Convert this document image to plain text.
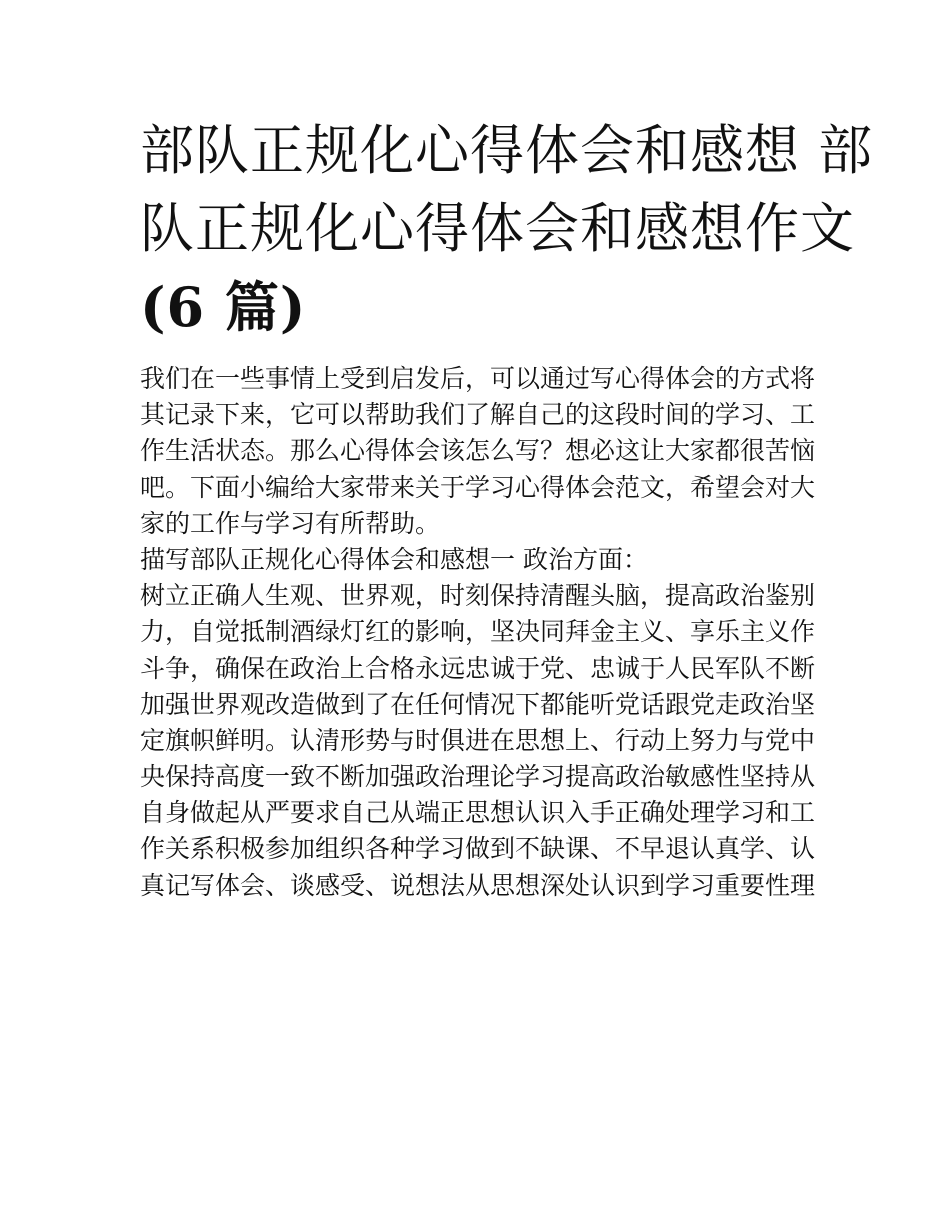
部队正规化心得体会和感想 部
队正规化心得体会和感想作文
(6 篇)
我们在一些事情上受到启发后，可以通过写心得体会的方式将
其记录下来，它可以帮助我们了解自己的这段时间的学习、工
作生活状态。那么心得体会该怎么写？想必这让大家都很苦恼
吧。下面小编给大家带来关于学习心得体会范文，希望会对大
家的工作与学习有所帮助。
描写部队正规化心得体会和感想一 政治方面：
树立正确人生观、世界观，时刻保持清醒头脑，提高政治鉴别
力，自觉抵制酒绿灯红的影响，坚决同拜金主义、享乐主义作
斗争，确保在政治上合格永远忠诚于党、忠诚于人民军队不断
加强世界观改造做到了在任何情况下都能听党话跟党走政治坚
定旗帜鲜明。认清形势与时俱进在思想上、行动上努力与党中
央保持高度一致不断加强政治理论学习提高政治敏感性坚持从
自身做起从严要求自己从端正思想认识入手正确处理学习和工
作关系积极参加组织各种学习做到不缺课、不早退认真学、认
真记写体会、谈感受、说想法从思想深处认识到学习重要性理
